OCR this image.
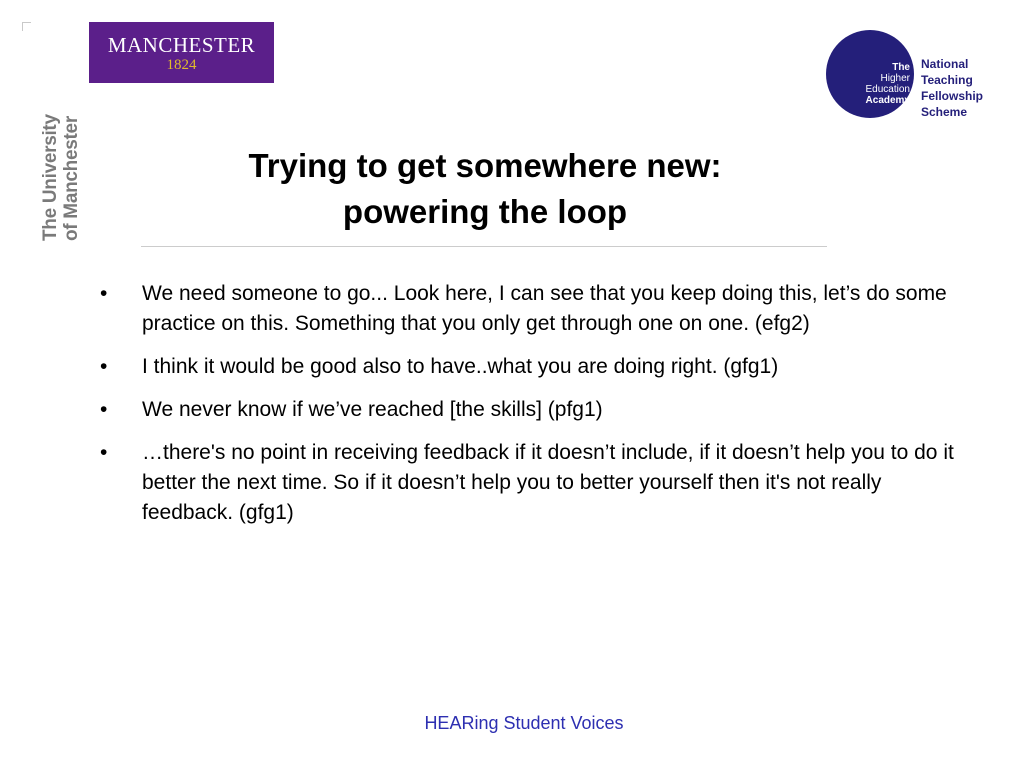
MANCHESTER
1824
The University of Manchester
The
Higher
Education
Academy
National
Teaching
Fellowship
Scheme
Trying to get somewhere new:
powering the loop
• We need someone to go... Look here, I can see that you keep doing this, let’s do some practice on this. Something that you only get through one on one. (efg2)
• I think it would be good also to have..what you are doing right. (gfg1)
• We never know if we’ve reached [the skills] (pfg1)
• …there's no point in receiving feedback if it doesn’t include, if it doesn’t help you to do it better the next time. So if it doesn’t help you to better yourself then it's not really feedback. (gfg1)
HEARing Student Voices
